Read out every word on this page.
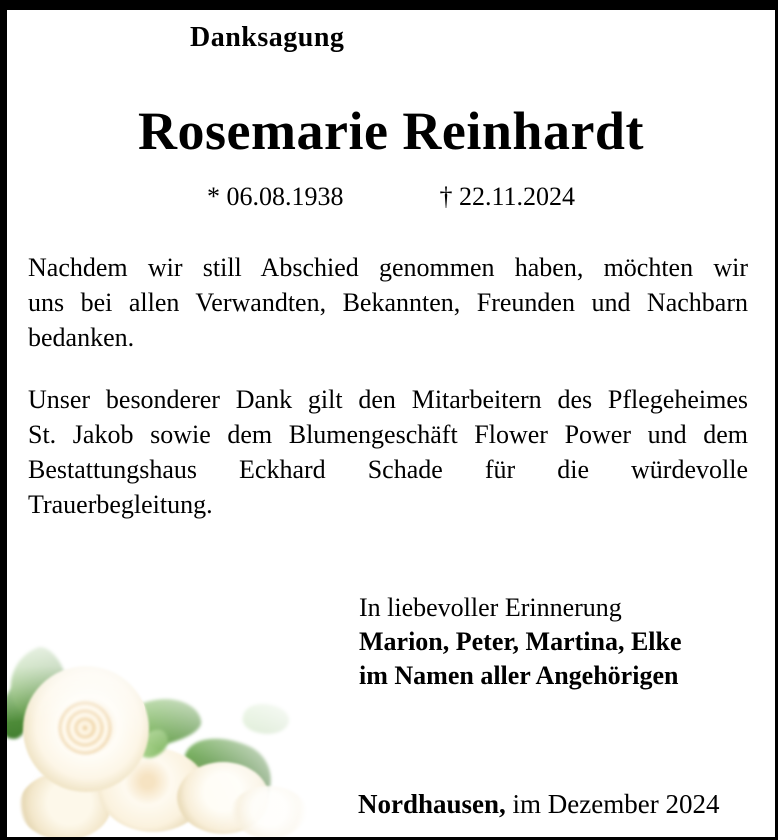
Danksagung
Rosemarie Reinhardt
* 06.08.1938	† 22.11.2024
Nachdem wir still Abschied genommen haben, möchten wir
uns bei allen Verwandten, Bekannten, Freunden und Nachbarn
bedanken.
Unser besonderer Dank gilt den Mitarbeitern des Pflegeheimes
St. Jakob sowie dem Blumengeschäft Flower Power und dem
Bestattungshaus Eckhard Schade für die würdevolle
Trauerbegleitung.
In liebevoller Erinnerung
Marion, Peter, Martina, Elke
im Namen aller Angehörigen
Nordhausen, im Dezember 2024
